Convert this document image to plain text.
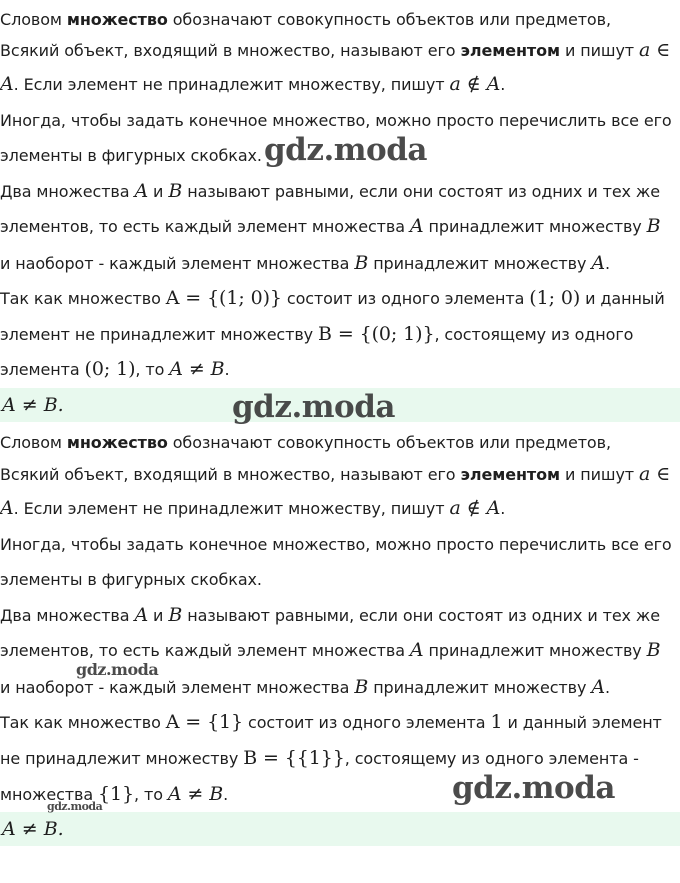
Словом множество обозначают совокупность объектов или предметов,
Всякий объект, входящий в множество, называют его элементом и пишут a ∈
A. Если элемент не принадлежит множеству, пишут a ∉ A.
Иногда, чтобы задать конечное множество, можно просто перечислить все его
элементы в фигурных скобках.
Два множества A и B называют равными, если они состоят из одних и тех же
элементов, то есть каждый элемент множества A принадлежит множеству B
и наоборот - каждый элемент множества B принадлежит множеству A.
Так как множество A = {(1; 0)} состоит из одного элемента (1; 0) и данный
элемент не принадлежит множеству B = {(0; 1)}, состоящему из одного
элемента (0; 1), то A ≠ B.
A ≠ B.
Словом множество обозначают совокупность объектов или предметов,
Всякий объект, входящий в множество, называют его элементом и пишут a ∈
A. Если элемент не принадлежит множеству, пишут a ∉ A.
Иногда, чтобы задать конечное множество, можно просто перечислить все его
элементы в фигурных скобках.
Два множества A и B называют равными, если они состоят из одних и тех же
элементов, то есть каждый элемент множества A принадлежит множеству B
и наоборот - каждый элемент множества B принадлежит множеству A.
Так как множество A = {1} состоит из одного элемента 1 и данный элемент
не принадлежит множеству B = {{1}}, состоящему из одного элемента -
множества {1}, то A ≠ B.
A ≠ B.
gdz.moda
gdz.moda
gdz.moda
gdz.moda
gdz.moda
